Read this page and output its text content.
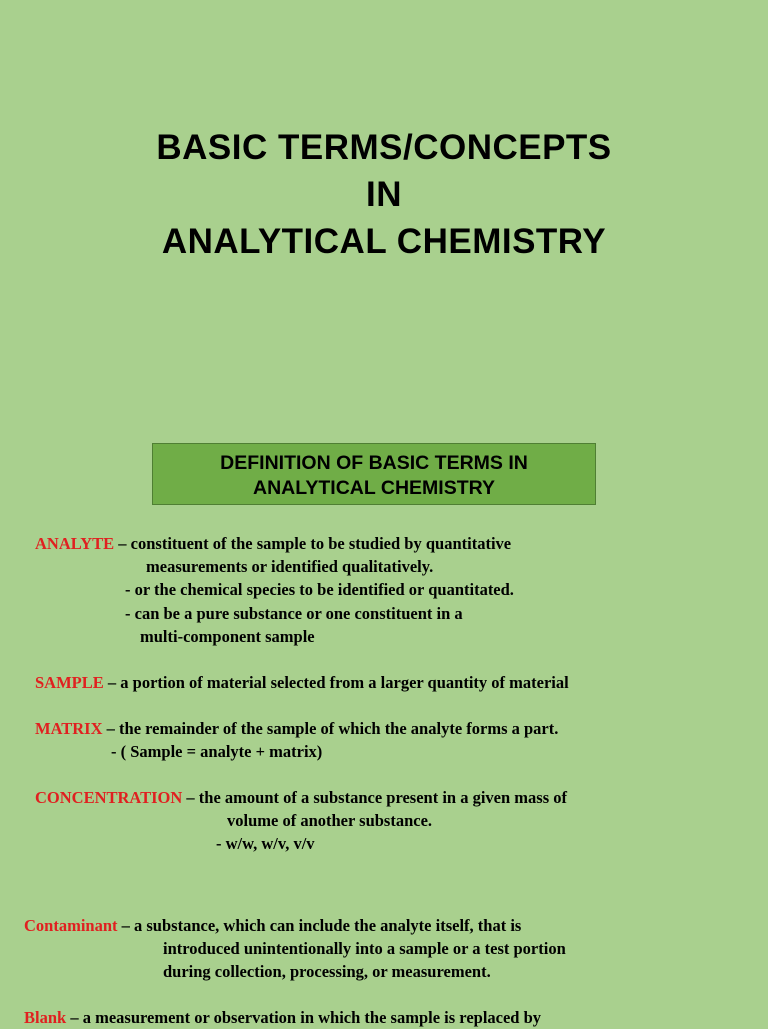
BASIC TERMS/CONCEPTS
IN
ANALYTICAL CHEMISTRY
DEFINITION OF BASIC TERMS IN
ANALYTICAL CHEMISTRY
ANALYTE – constituent of the sample to be studied by quantitative
measurements or identified qualitatively.
- or the chemical species to be identified or quantitated.
- can be a pure substance or one constituent in a
multi-component sample
SAMPLE – a portion of material selected from a larger quantity of material
MATRIX – the remainder of the sample of which the analyte forms a part.
- ( Sample = analyte + matrix)
CONCENTRATION – the amount of a substance present in a given mass of
volume of another substance.
- w/w, w/v, v/v
Contaminant – a substance, which can include the analyte itself, that is
introduced unintentionally into a sample or a test portion
during collection, processing, or measurement.
Blank – a measurement or observation in which the sample is replaced by
